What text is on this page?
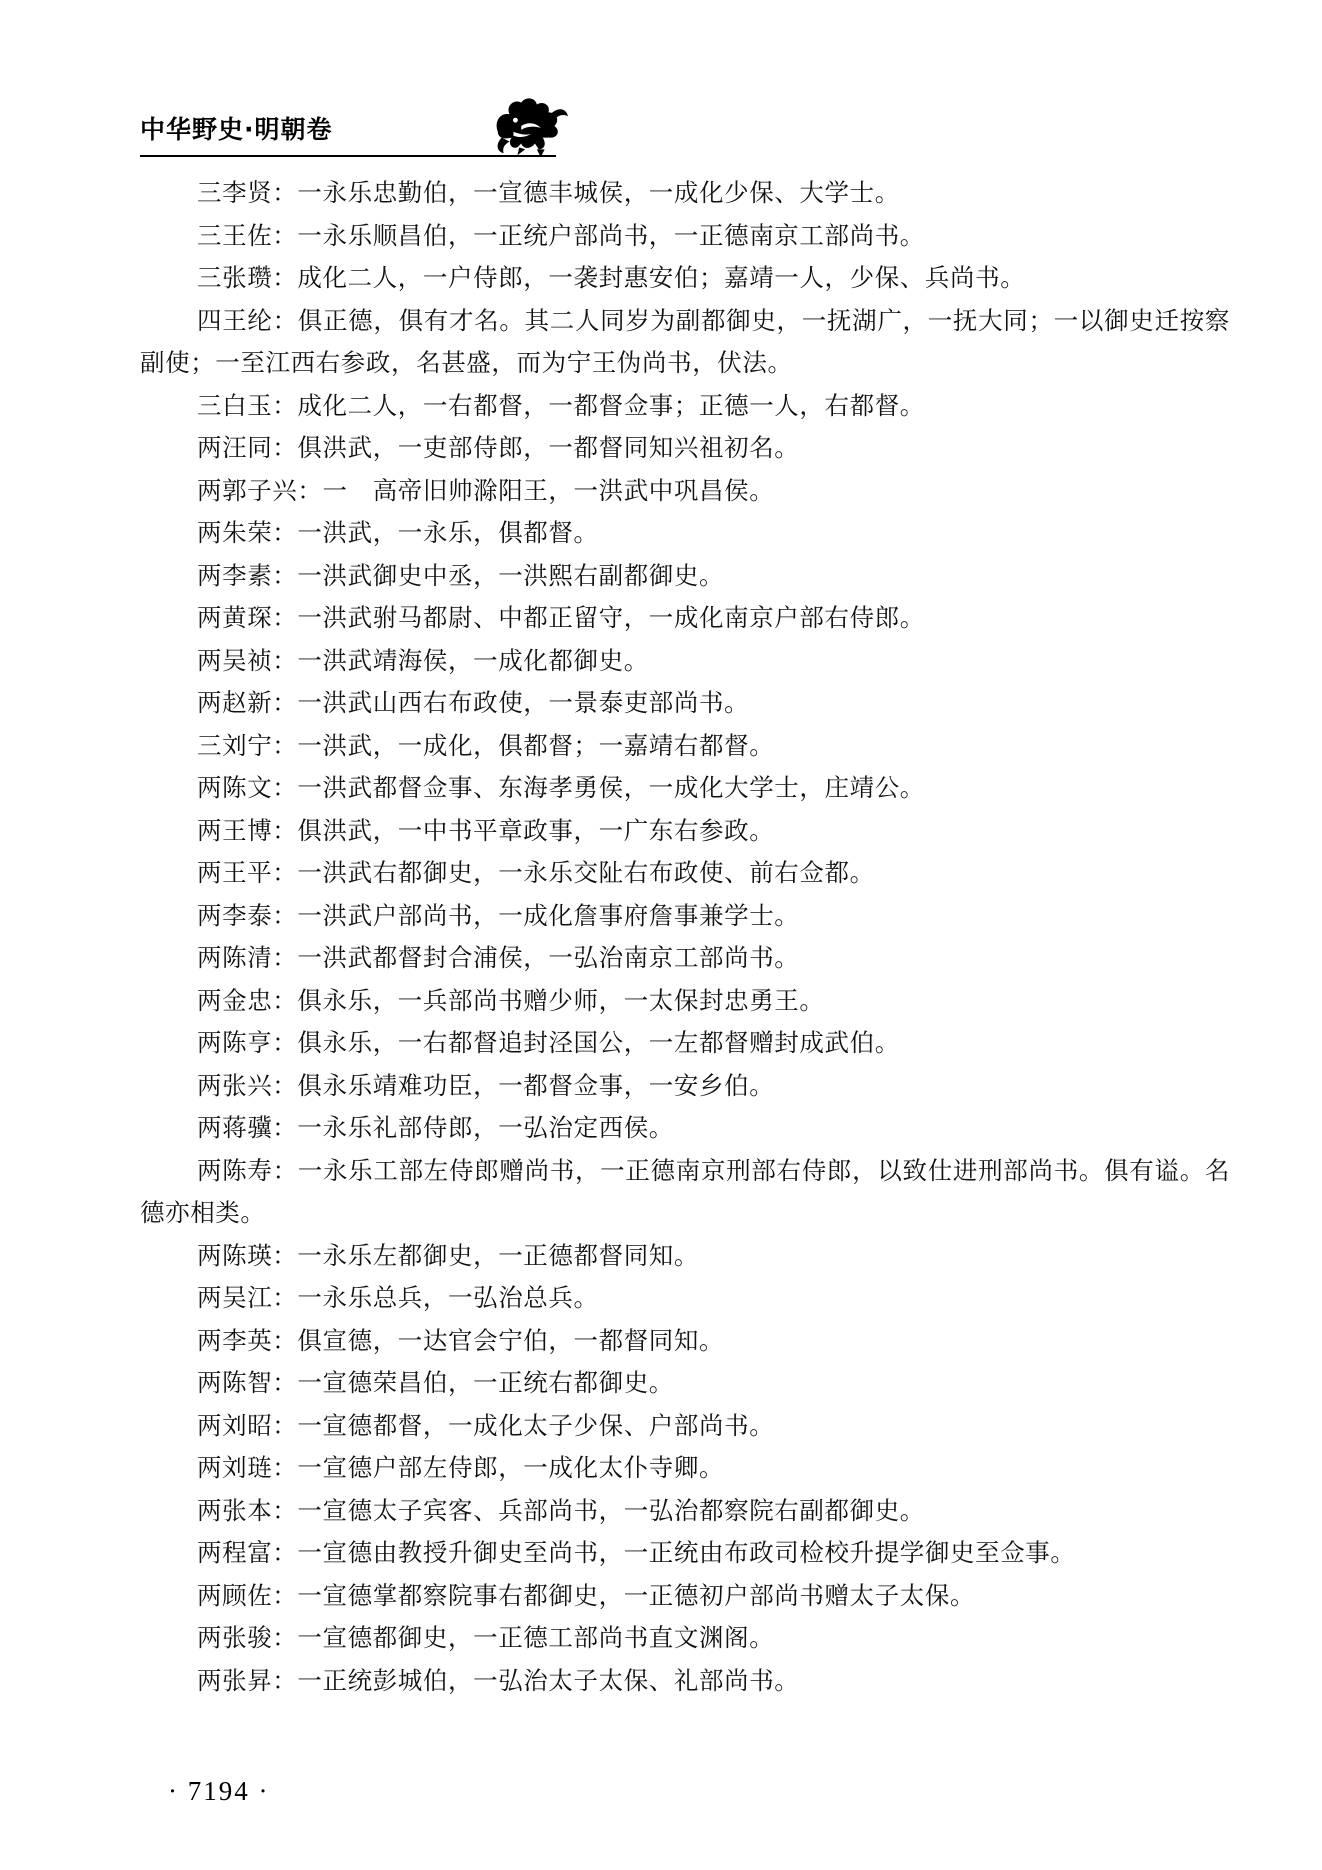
中华野史·明朝卷

三李贤：一永乐忠勤伯，一宣德丰城侯，一成化少保、大学士。

三王佐：一永乐顺昌伯，一正统户部尚书，一正德南京工部尚书。

三张瓒：成化二人，一户侍郎，一袭封惠安伯；嘉靖一人，少保、兵尚书。

四王纶：俱正德，俱有才名。其二人同岁为副都御史，一抚湖广，一抚大同；一以御史迁按察副使；一至江西右参政，名甚盛，而为宁王伪尚书，伏法。

三白玉：成化二人，一右都督，一都督佥事；正德一人，右都督。

两汪同：俱洪武，一吏部侍郎，一都督同知兴祖初名。

两郭子兴：一　高帝旧帅滁阳王，一洪武中巩昌侯。

两朱荣：一洪武，一永乐，俱都督。

两李素：一洪武御史中丞，一洪熙右副都御史。

两黄琛：一洪武驸马都尉、中都正留守，一成化南京户部右侍郎。

两吴祯：一洪武靖海侯，一成化都御史。

两赵新：一洪武山西右布政使，一景泰吏部尚书。

三刘宁：一洪武，一成化，俱都督；一嘉靖右都督。

两陈文：一洪武都督佥事、东海孝勇侯，一成化大学士，庄靖公。

两王博：俱洪武，一中书平章政事，一广东右参政。

两王平：一洪武右都御史，一永乐交阯右布政使、前右佥都。

两李泰：一洪武户部尚书，一成化詹事府詹事兼学士。

两陈清：一洪武都督封合浦侯，一弘治南京工部尚书。

两金忠：俱永乐，一兵部尚书赠少师，一太保封忠勇王。

两陈亨：俱永乐，一右都督追封泾国公，一左都督赠封成武伯。

两张兴：俱永乐靖难功臣，一都督佥事，一安乡伯。

两蒋骥：一永乐礼部侍郎，一弘治定西侯。

两陈寿：一永乐工部左侍郎赠尚书，一正德南京刑部右侍郎，以致仕进刑部尚书。俱有谥。名德亦相类。

两陈瑛：一永乐左都御史，一正德都督同知。

两吴江：一永乐总兵，一弘治总兵。

两李英：俱宣德，一达官会宁伯，一都督同知。

两陈智：一宣德荣昌伯，一正统右都御史。

两刘昭：一宣德都督，一成化太子少保、户部尚书。

两刘琏：一宣德户部左侍郎，一成化太仆寺卿。

两张本：一宣德太子宾客、兵部尚书，一弘治都察院右副都御史。

两程富：一宣德由教授升御史至尚书，一正统由布政司检校升提学御史至佥事。

两顾佐：一宣德掌都察院事右都御史，一正德初户部尚书赠太子太保。

两张骏：一宣德都御史，一正德工部尚书直文渊阁。

两张昇：一正统彭城伯，一弘治太子太保、礼部尚书。

· 7194 ·
